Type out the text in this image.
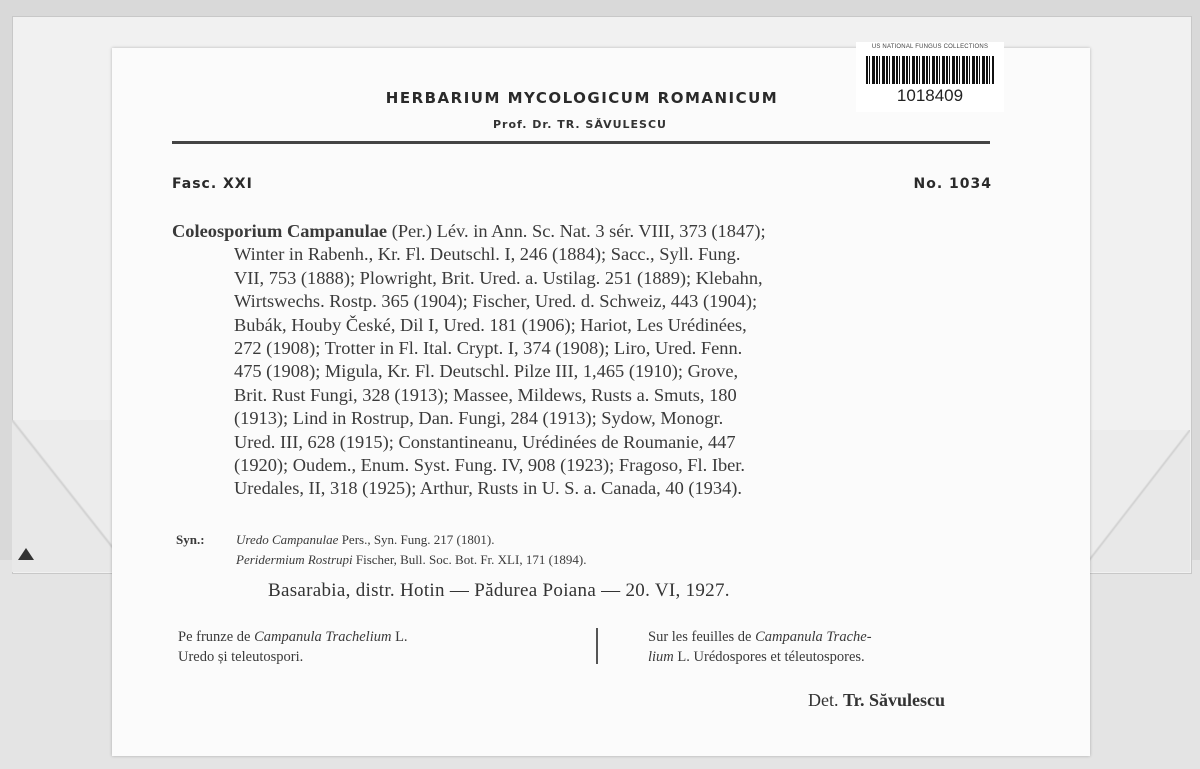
US NATIONAL FUNGUS COLLECTIONS
1018409
HERBARIUM MYCOLOGICUM ROMANICUM
Prof. Dr. TR. SĂVULESCU
Fasc. XXI	No. 1034
Coleosporium Campanulae (Per.) Lév. in Ann. Sc. Nat. 3 sér. VIII, 373 (1847);
Winter in Rabenh., Kr. Fl. Deutschl. I, 246 (1884); Sacc., Syll. Fung.
VII, 753 (1888); Plowright, Brit. Ured. a. Ustilag. 251 (1889); Klebahn,
Wirtswechs. Rostp. 365 (1904); Fischer, Ured. d. Schweiz, 443 (1904);
Bubák, Houby České, Dil I, Ured. 181 (1906); Hariot, Les Urédinées,
272 (1908); Trotter in Fl. Ital. Crypt. I, 374 (1908); Liro, Ured. Fenn.
475 (1908); Migula, Kr. Fl. Deutschl. Pilze III, 1,465 (1910); Grove,
Brit. Rust Fungi, 328 (1913); Massee, Mildews, Rusts a. Smuts, 180
(1913); Lind in Rostrup, Dan. Fungi, 284 (1913); Sydow, Monogr.
Ured. III, 628 (1915); Constantineanu, Urédinées de Roumanie, 447
(1920); Oudem., Enum. Syst. Fung. IV, 908 (1923); Fragoso, Fl. Iber.
Uredales, II, 318 (1925); Arthur, Rusts in U. S. a. Canada, 40 (1934).
Syn.: Uredo Campanulae Pers., Syn. Fung. 217 (1801).
Peridermium Rostrupi Fischer, Bull. Soc. Bot. Fr. XLI, 171 (1894).
Basarabia, distr. Hotin — Pădurea Poiana — 20. VI, 1927.
Pe frunze de Campanula Trachelium L.
Uredo și teleutospori.
Sur les feuilles de Campanula Trache-
lium L. Urédospores et téleutospores.
Det. Tr. Săvulescu
